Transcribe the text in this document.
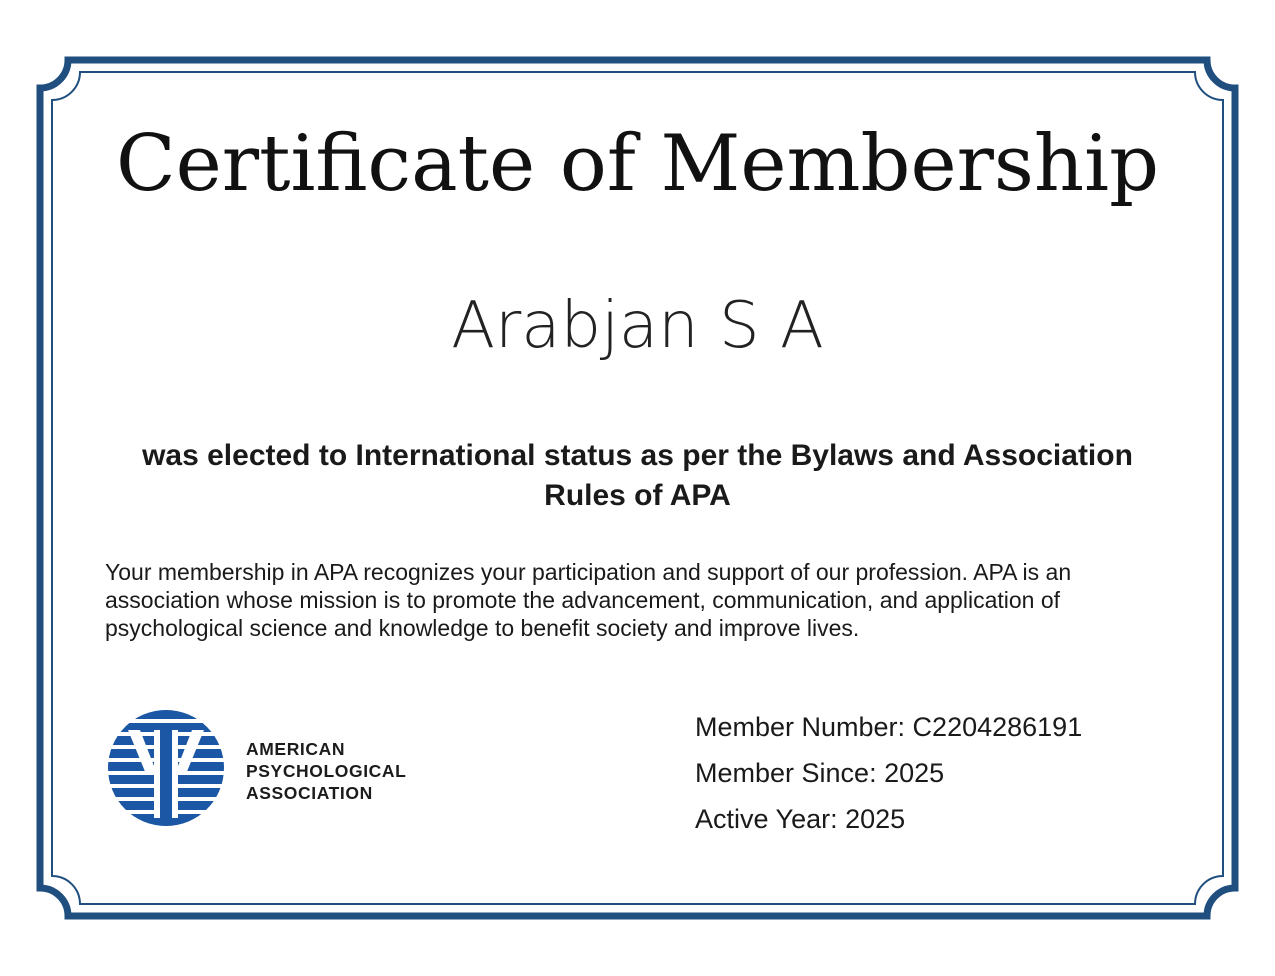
Certificate of Membership
Arabjan S A
was elected to International status as per the Bylaws and Association Rules of APA
Your membership in APA recognizes your participation and support of our profession. APA is an association whose mission is to promote the advancement, communication, and application of psychological science and knowledge to benefit society and improve lives.
AMERICAN
PSYCHOLOGICAL
ASSOCIATION
Member Number: C2204286191
Member Since: 2025
Active Year: 2025
